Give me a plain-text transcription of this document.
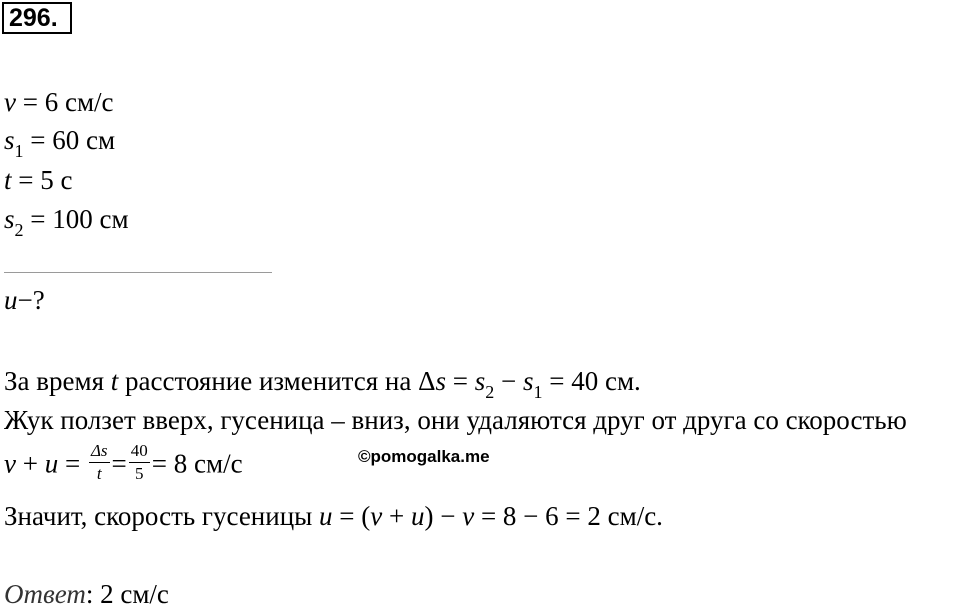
296.
v = 6 см/с
$s_1 = 60$ см
t = 5 с
$s_2 = 100$ см
u−?
За время t расстояние изменится на $\Delta s = s_2 - s_1 = 40$ см.
Жук ползет вверх, гусеница – вниз, они удаляются друг от друга со скоростью
$v + u = \frac{\Delta s}{t} = \frac{40}{5} = 8$ см/с	©pomogalka.me
Значит, скорость гусеницы u = (v + u) − v = 8 − 6 = 2 см/с.
Ответ: 2 см/с
